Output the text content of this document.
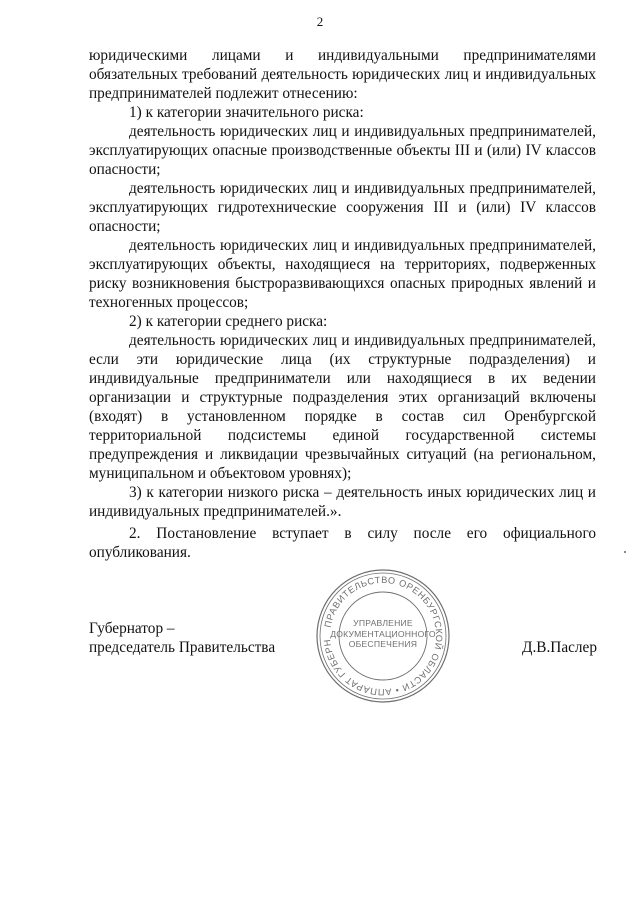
2

юридическими лицами и индивидуальными предпринимателями обязательных требований деятельность юридических лиц и индивидуальных предпринимателей подлежит отнесению:

1) к категории значительного риска:

деятельность юридических лиц и индивидуальных предпринимателей, эксплуатирующих опасные производственные объекты III и (или) IV классов опасности;

деятельность юридических лиц и индивидуальных предпринимателей, эксплуатирующих гидротехнические сооружения III и (или) IV классов опасности;

деятельность юридических лиц и индивидуальных предпринимателей, эксплуатирующих объекты, находящиеся на территориях, подверженных риску возникновения быстроразвивающихся опасных природных явлений и техногенных процессов;

2) к категории среднего риска:

деятельность юридических лиц и индивидуальных предпринимателей, если эти юридические лица (их структурные подразделения) и индивидуальные предприниматели или находящиеся в их ведении организации и структурные подразделения этих организаций включены (входят) в установленном порядке в состав сил Оренбургской территориальной подсистемы единой государственной системы предупреждения и ликвидации чрезвычайных ситуаций (на региональном, муниципальном и объектовом уровнях);

3) к категории низкого риска – деятельность иных юридических лиц и индивидуальных предпринимателей.».

2. Постановление вступает в силу после его официального опубликования.

ПРАВИТЕЛЬСТВО ОРЕНБУРГСКОЙ ОБЛАСТИ • АППАРАТ ГУБЕРН
УПРАВЛЕНИЕ
ДОКУМЕНТАЦИОННОГО
ОБЕСПЕЧЕНИЯ
Губернатор –
председатель Правительства	Д.В.Паслер
